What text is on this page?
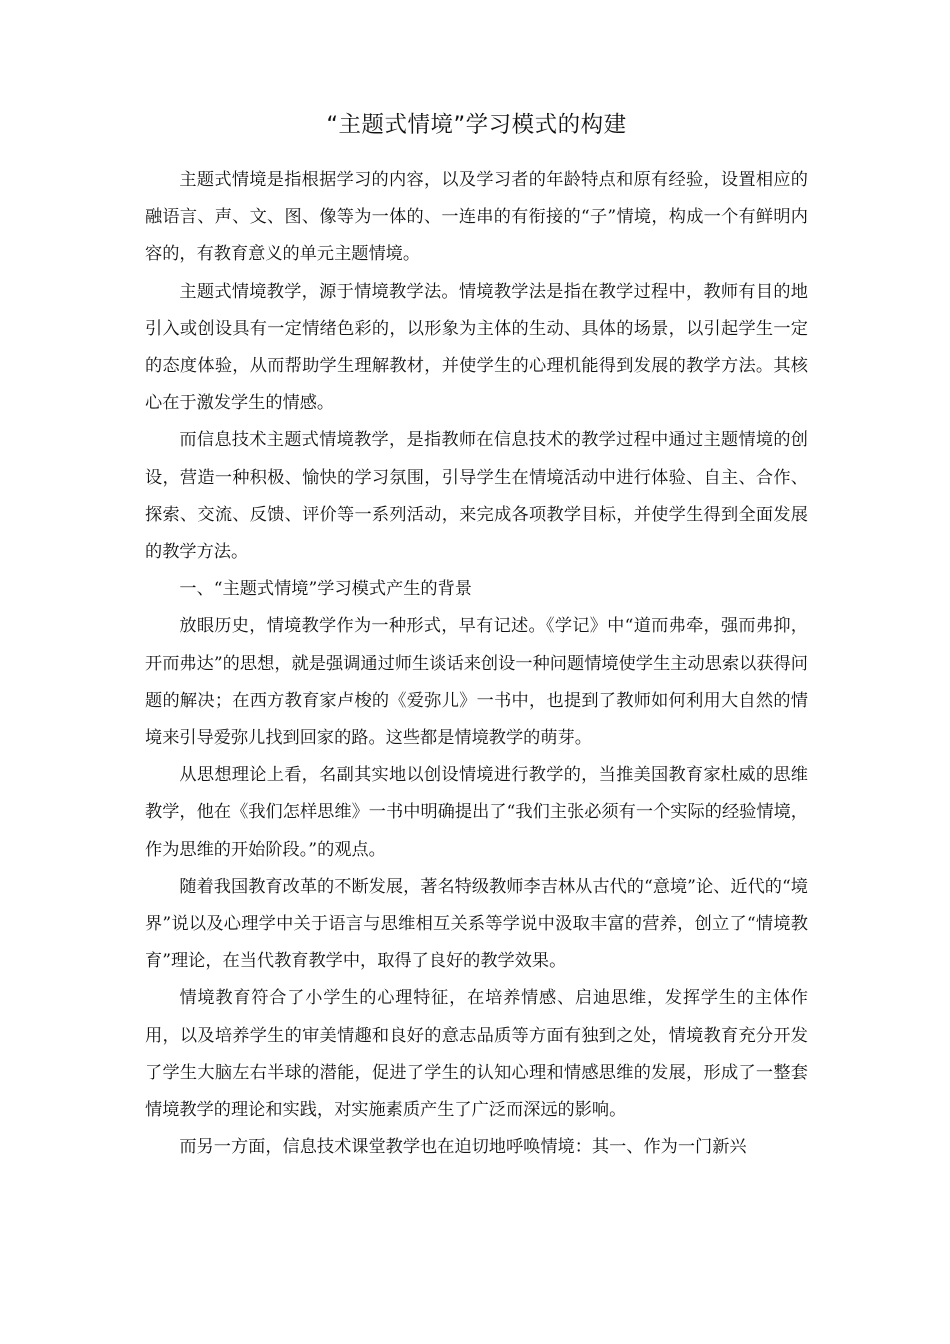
“主题式情境”学习模式的构建

主题式情境是指根据学习的内容，以及学习者的年龄特点和原有经验，设置相应的融语言、声、文、图、像等为一体的、一连串的有衔接的“子”情境，构成一个有鲜明内容的，有教育意义的单元主题情境。

主题式情境教学，源于情境教学法。情境教学法是指在教学过程中，教师有目的地引入或创设具有一定情绪色彩的，以形象为主体的生动、具体的场景，以引起学生一定的态度体验，从而帮助学生理解教材，并使学生的心理机能得到发展的教学方法。其核心在于激发学生的情感。

而信息技术主题式情境教学，是指教师在信息技术的教学过程中通过主题情境的创设，营造一种积极、愉快的学习氛围，引导学生在情境活动中进行体验、自主、合作、探索、交流、反馈、评价等一系列活动，来完成各项教学目标，并使学生得到全面发展的教学方法。

一、“主题式情境”学习模式产生的背景

放眼历史，情境教学作为一种形式，早有记述。《学记》中“道而弗牵，强而弗抑，开而弗达”的思想，就是强调通过师生谈话来创设一种问题情境使学生主动思索以获得问题的解决；在西方教育家卢梭的《爱弥儿》一书中，也提到了教师如何利用大自然的情境来引导爱弥儿找到回家的路。这些都是情境教学的萌芽。

从思想理论上看，名副其实地以创设情境进行教学的，当推美国教育家杜威的思维教学，他在《我们怎样思维》一书中明确提出了“我们主张必须有一个实际的经验情境，作为思维的开始阶段。”的观点。

随着我国教育改革的不断发展，著名特级教师李吉林从古代的“意境”论、近代的“境界”说以及心理学中关于语言与思维相互关系等学说中汲取丰富的营养，创立了“情境教育”理论，在当代教育教学中，取得了良好的教学效果。

情境教育符合了小学生的心理特征，在培养情感、启迪思维，发挥学生的主体作用，以及培养学生的审美情趣和良好的意志品质等方面有独到之处，情境教育充分开发了学生大脑左右半球的潜能，促进了学生的认知心理和情感思维的发展，形成了一整套情境教学的理论和实践，对实施素质产生了广泛而深远的影响。

而另一方面，信息技术课堂教学也在迫切地呼唤情境：其一、作为一门新兴
